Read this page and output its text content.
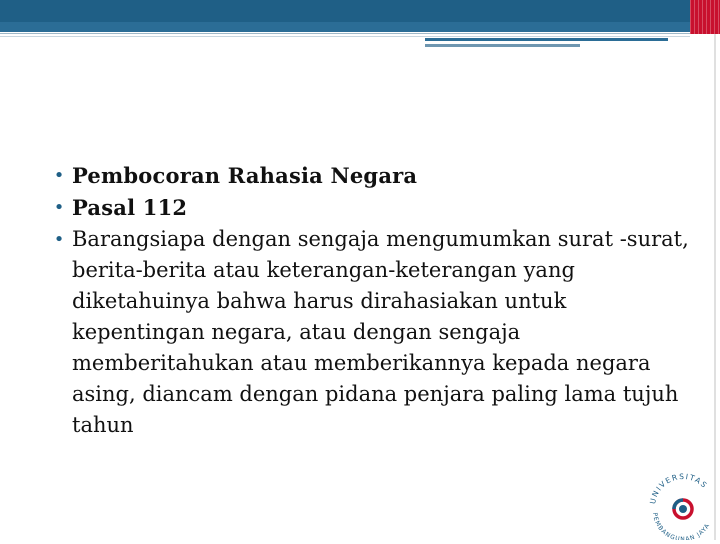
• Pembocoran Rahasia Negara
• Pasal 112
• Barangsiapa dengan sengaja mengumumkan surat -surat, berita-berita atau keterangan-keterangan yang diketahuinya bahwa harus dirahasiakan untuk kepentingan negara, atau dengan sengaja memberitahukan atau memberikannya kepada negara asing, diancam dengan pidana penjara paling lama tujuh tahun
UNIVERSITAS
PEMBANGUNAN JAYA
